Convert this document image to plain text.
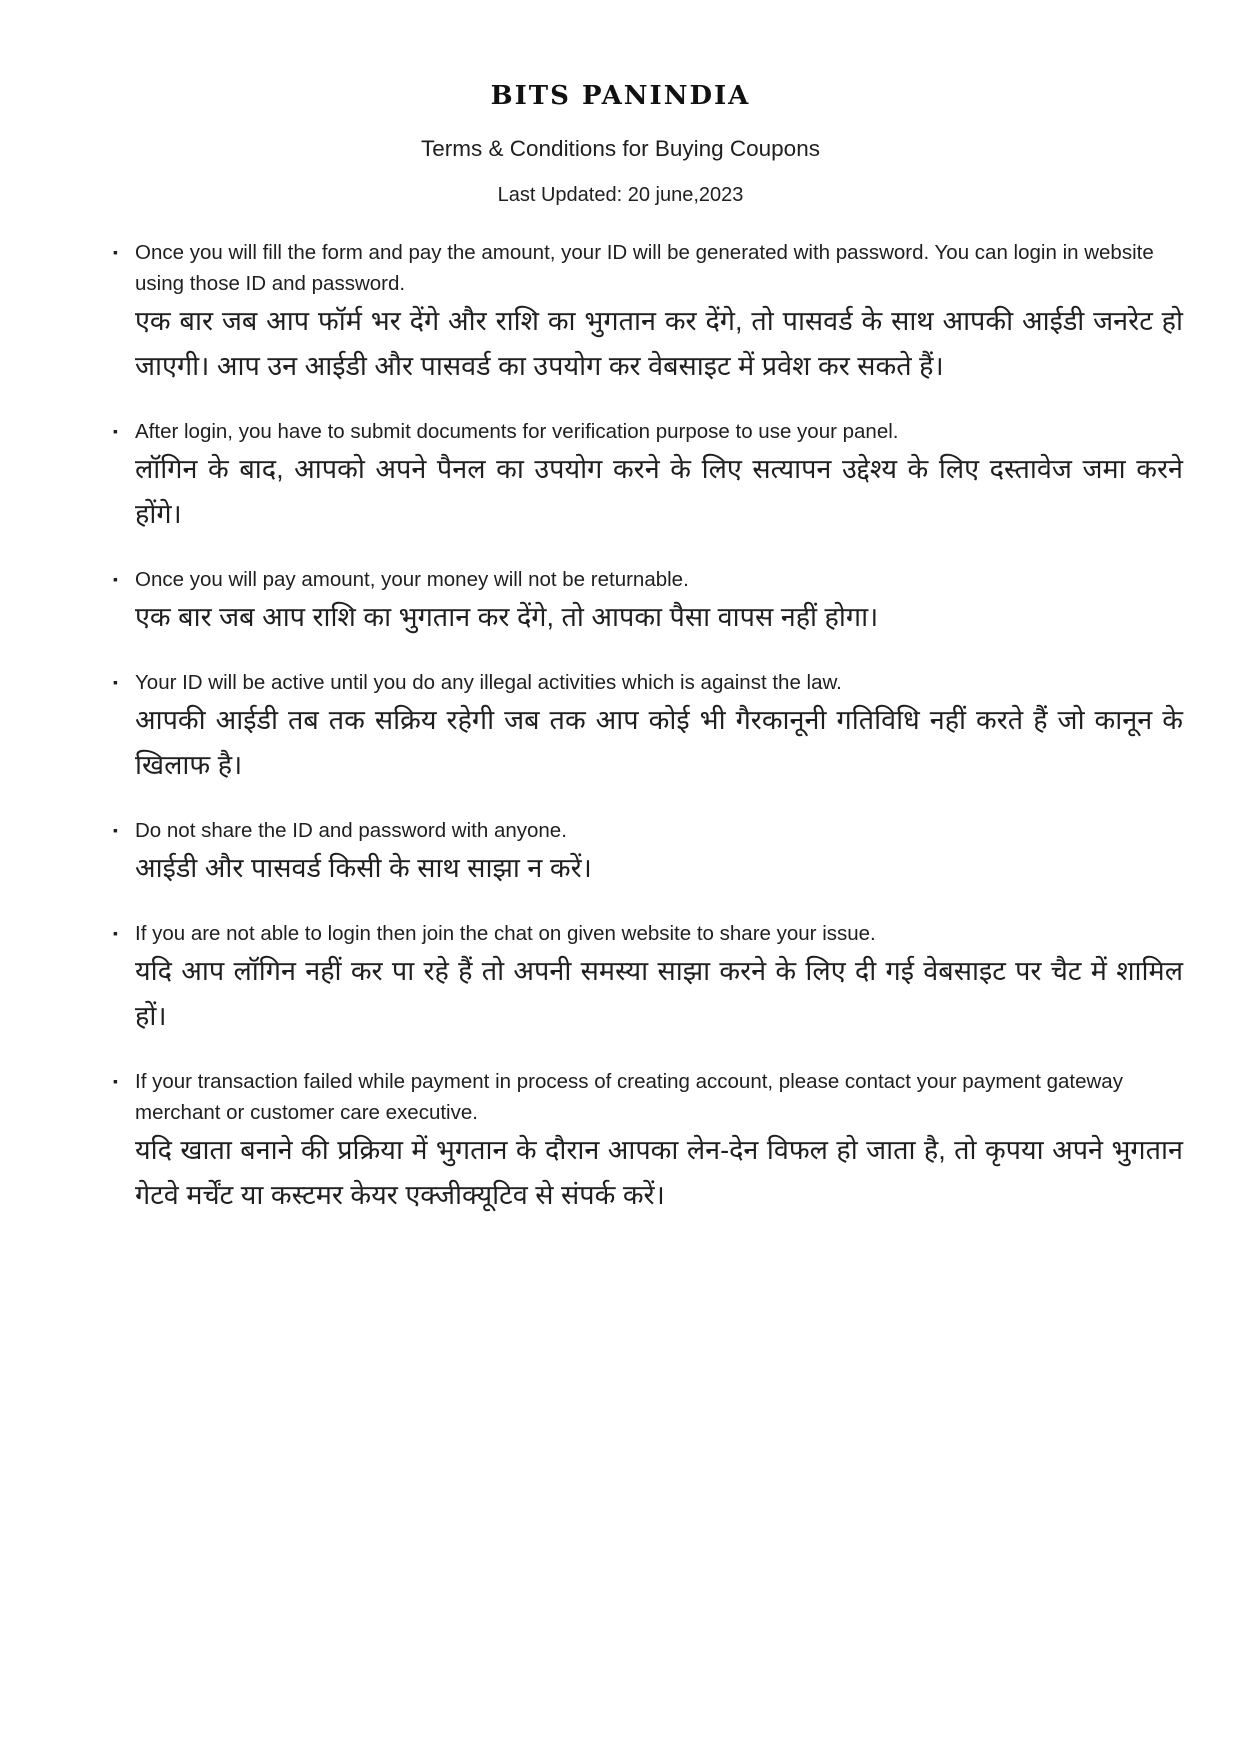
BITS PANINDIA
Terms & Conditions for Buying Coupons

Last Updated: 20 june,2023

▪ Once you will fill the form and pay the amount, your ID will be generated with password. You can login in website using those ID and password.

एक बार जब आप फॉर्म भर देंगे और राशि का भुगतान कर देंगे, तो पासवर्ड के साथ आपकी आईडी जनरेट हो जाएगी। आप उन आईडी और पासवर्ड का उपयोग कर वेबसाइट में प्रवेश कर सकते हैं।

▪ After login, you have to submit documents for verification purpose to use your panel.

लॉगिन के बाद, आपको अपने पैनल का उपयोग करने के लिए सत्यापन उद्देश्य के लिए दस्तावेज जमा करने होंगे।

▪ Once you will pay amount, your money will not be returnable.

एक बार जब आप राशि का भुगतान कर देंगे, तो आपका पैसा वापस नहीं होगा।

▪ Your ID will be active until you do any illegal activities which is against the law.

आपकी आईडी तब तक सक्रिय रहेगी जब तक आप कोई भी गैरकानूनी गतिविधि नहीं करते हैं जो कानून के खिलाफ है।

▪ Do not share the ID and password with anyone.

आईडी और पासवर्ड किसी के साथ साझा न करें।

▪ If you are not able to login then join the chat on given website to share your issue.

यदि आप लॉगिन नहीं कर पा रहे हैं तो अपनी समस्या साझा करने के लिए दी गई वेबसाइट पर चैट में शामिल हों।

▪ If your transaction failed while payment in process of creating account, please contact your payment gateway merchant or customer care executive.

यदि खाता बनाने की प्रक्रिया में भुगतान के दौरान आपका लेन-देन विफल हो जाता है, तो कृपया अपने भुगतान गेटवे मर्चेंट या कस्टमर केयर एक्जीक्यूटिव से संपर्क करें।
